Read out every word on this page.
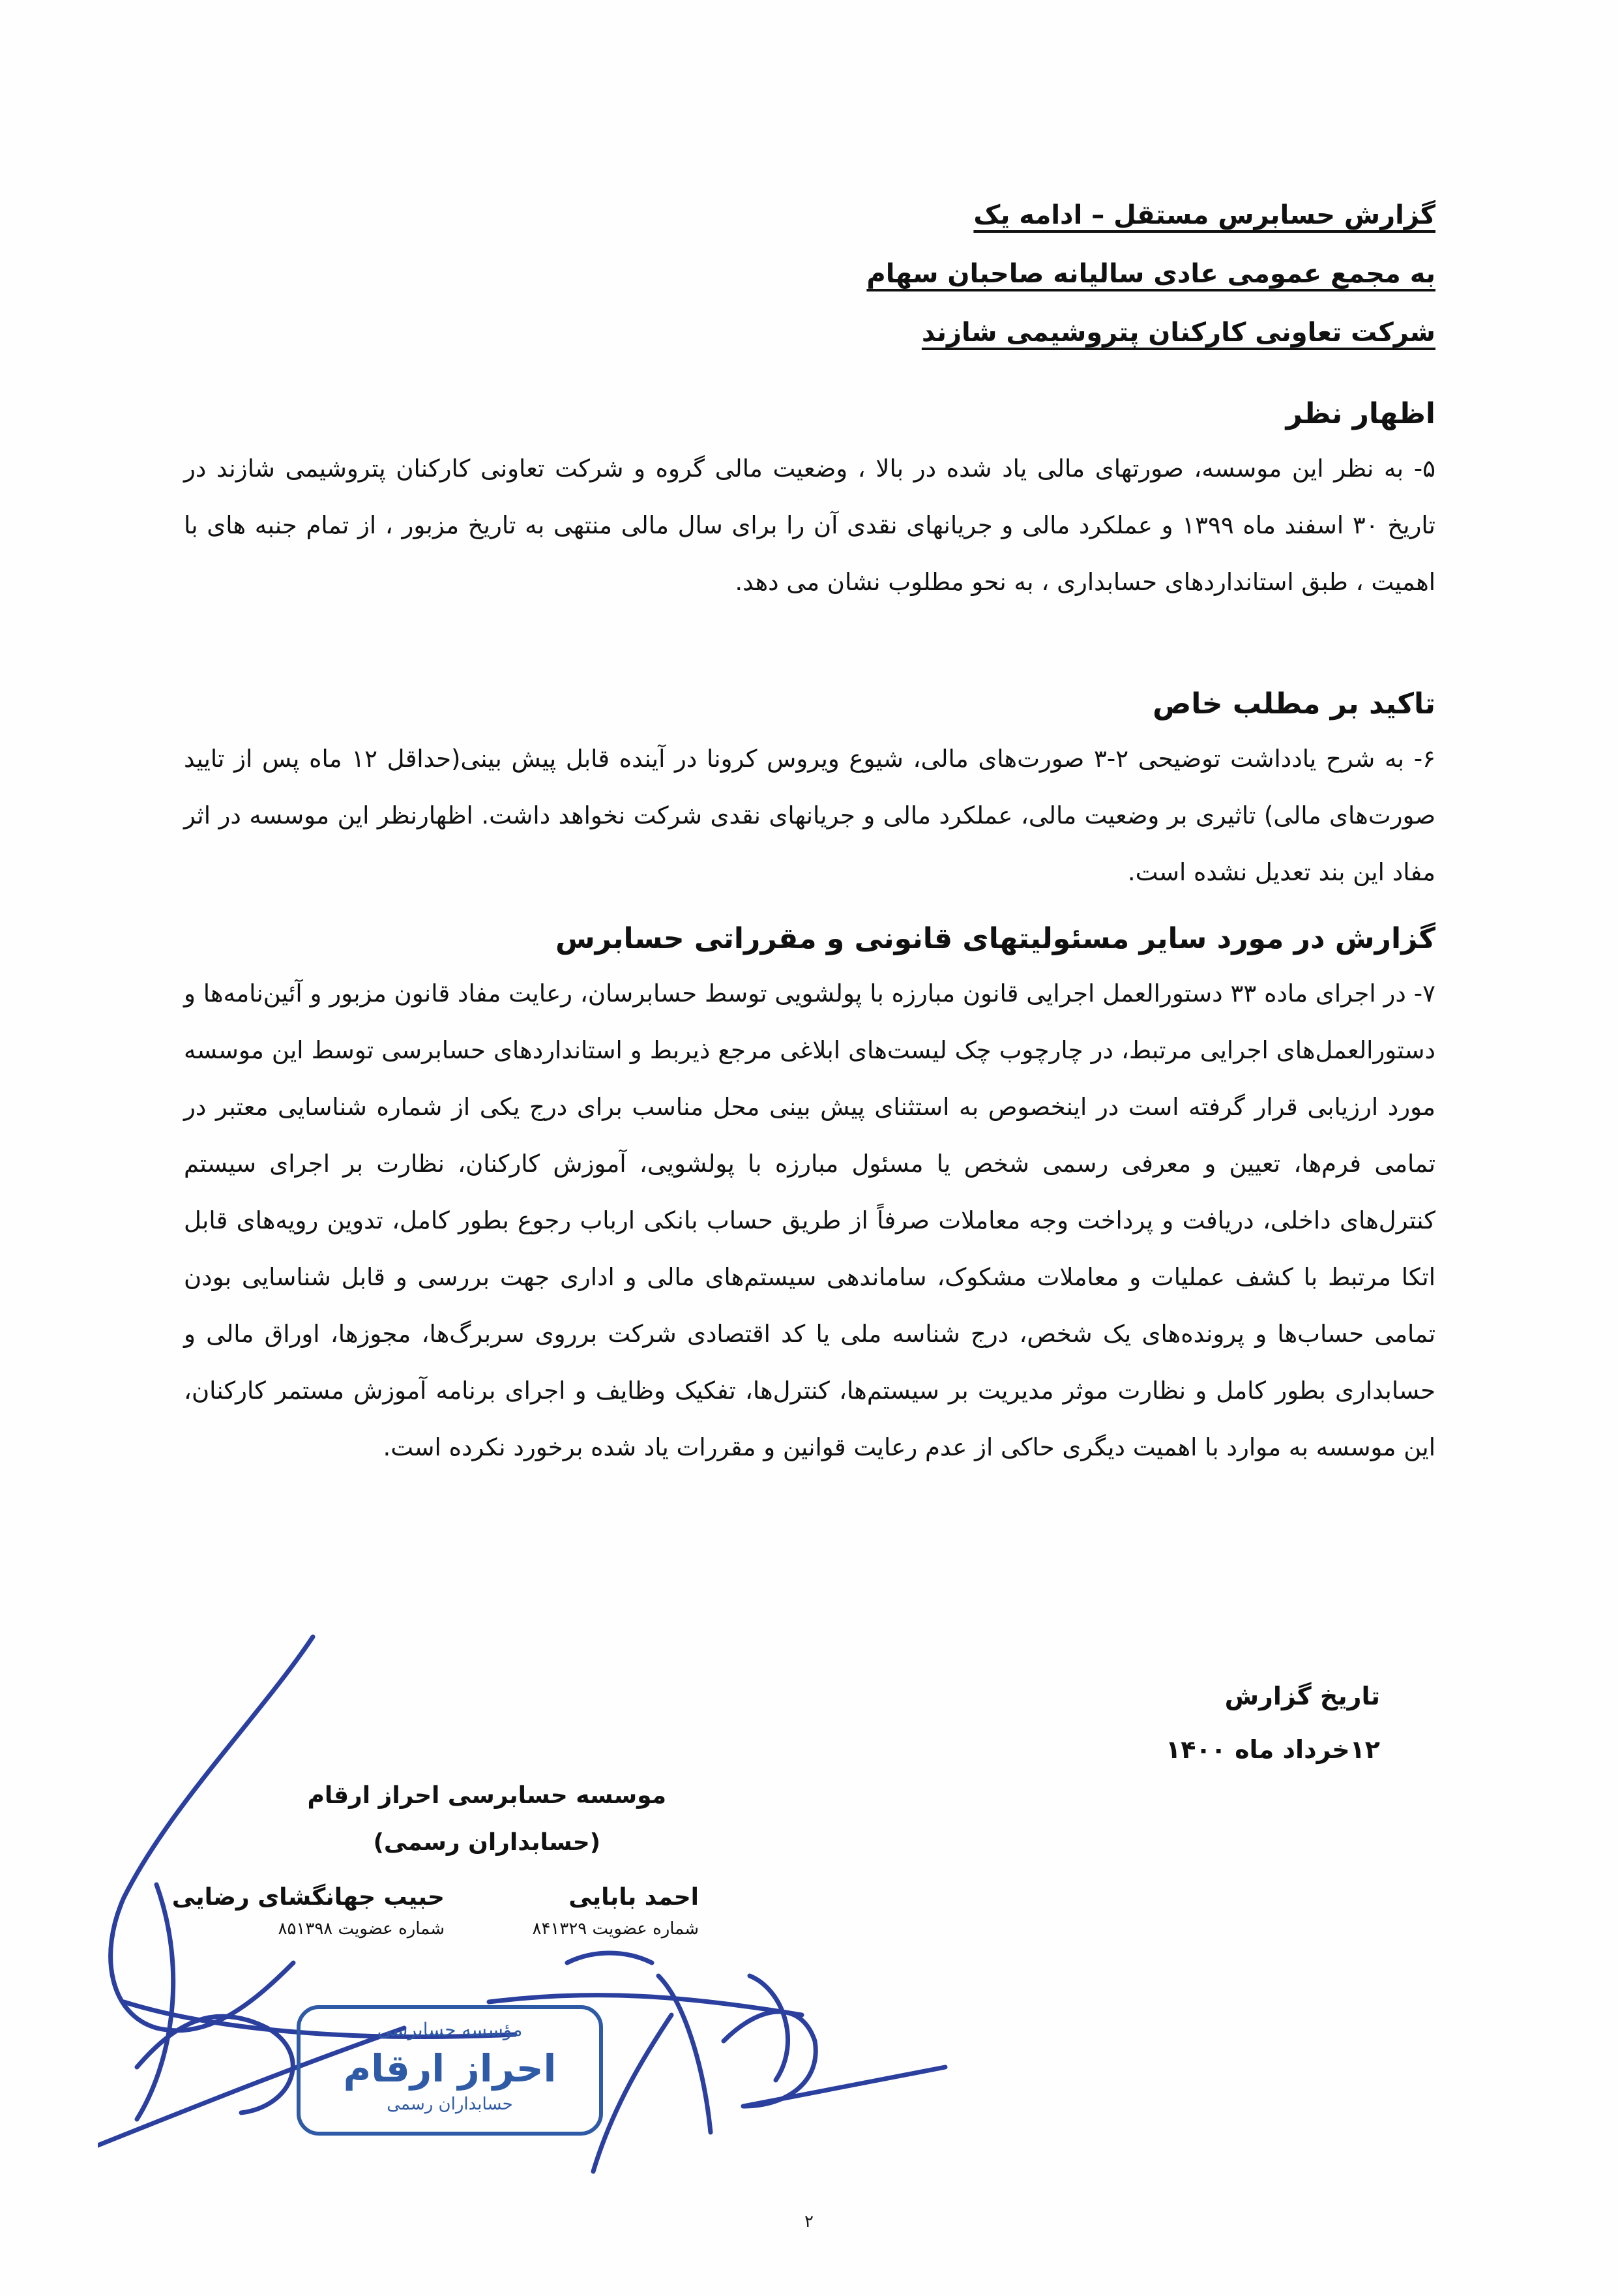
گزارش حسابرس مستقل – ادامه یک
به مجمع عمومی عادی سالیانه صاحبان سهام
شرکت تعاونی کارکنان پتروشیمی شازند
اظهار نظر

۵- به نظر این موسسه، صورتهای مالی یاد شده در بالا ، وضعیت مالی گروه و شرکت تعاونی کارکنان پتروشیمی شازند در تاریخ ۳۰ اسفند ماه ۱۳۹۹ و عملکرد مالی و جریانهای نقدی آن را برای سال مالی منتهی به تاریخ مزبور ، از تمام جنبه های با اهمیت ، طبق استانداردهای حسابداری ، به نحو مطلوب نشان می دهد.

تاکید بر مطلب خاص

۶- به شرح یادداشت توضیحی ۲-۳ صورت‌های مالی، شیوع ویروس کرونا در آینده قابل پیش بینی(حداقل ۱۲ ماه پس از تایید صورت‌های مالی) تاثیری بر وضعیت مالی، عملکرد مالی و جریانهای نقدی شرکت نخواهد داشت. اظهارنظر این موسسه در اثر مفاد این بند تعدیل نشده است.

گزارش در مورد سایر مسئولیتهای قانونی و مقرراتی حسابرس

۷- در اجرای ماده ۳۳ دستورالعمل اجرایی قانون مبارزه با پولشویی توسط حسابرسان، رعایت مفاد قانون مزبور و آئین‌نامه‌ها و دستورالعمل‌های اجرایی مرتبط، در چارچوب چک لیست‌های ابلاغی مرجع ذیربط و استانداردهای حسابرسی توسط این موسسه مورد ارزیابی قرار گرفته است در اینخصوص به استثنای پیش بینی محل مناسب برای درج یکی از شماره شناسایی معتبر در تمامی فرم‌ها، تعیین و معرفی رسمی شخص یا مسئول مبارزه با پولشویی، آموزش کارکنان، نظارت بر اجرای سیستم کنترل‌های داخلی، دریافت و پرداخت وجه معاملات صرفاً از طریق حساب بانکی ارباب رجوع بطور کامل، تدوین رویه‌های قابل اتکا مرتبط با کشف عملیات و معاملات مشکوک، ساماندهی سیستم‌های مالی و اداری جهت بررسی و قابل شناسایی بودن تمامی حساب‌ها و پرونده‌های یک شخص، درج شناسه ملی یا کد اقتصادی شرکت برروی سربرگ‌ها، مجوزها، اوراق مالی و حسابداری بطور کامل و نظارت موثر مدیریت بر سیستم‌ها، کنترل‌ها، تفکیک وظایف و اجرای برنامه آموزش مستمر کارکنان، این موسسه به موارد با اهمیت دیگری حاکی از عدم رعایت قوانین و مقررات یاد شده برخورد نکرده است.

تاریخ گزارش
۱۲خرداد ماه ۱۴۰۰
موسسه حسابرسی احراز ارقام
(حسابداران رسمی)
احمد بابایی
شماره عضویت ۸۴۱۳۲۹
حبیب جهانگشای رضایی
شماره عضویت ۸۵۱۳۹۸
مؤسسه حسابرسی
احراز ارقام
حسابداران رسمی
۲
